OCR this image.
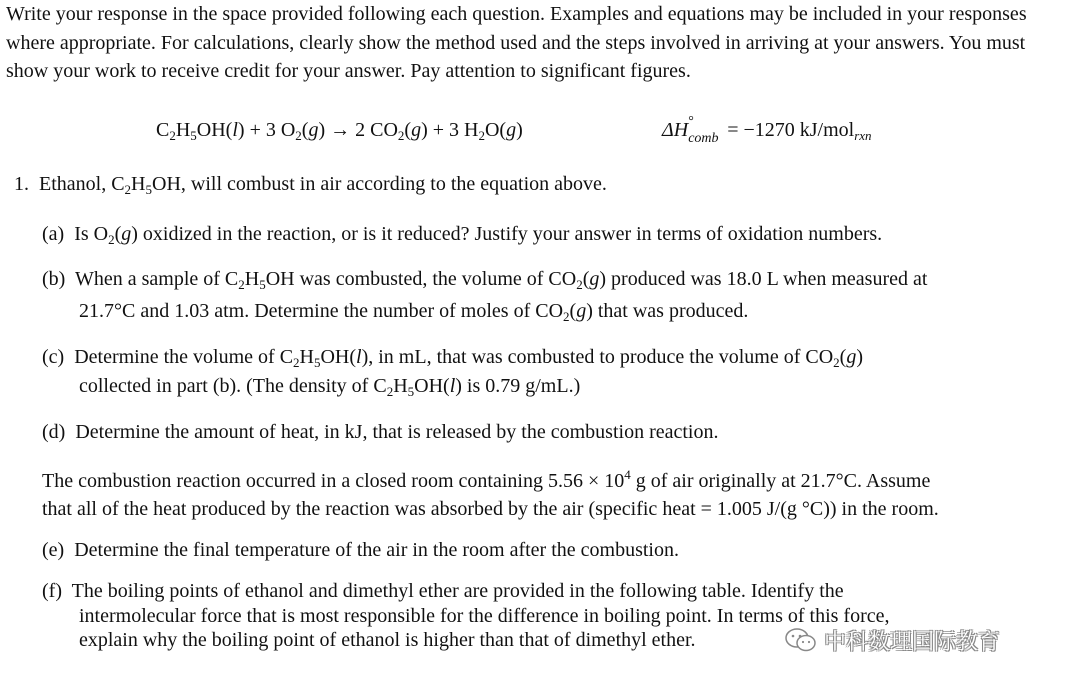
Write your response in the space provided following each question. Examples and equations may be included in your responses where appropriate. For calculations, clearly show the method used and the steps involved in arriving at your answers. You must show your work to receive credit for your answer. Pay attention to significant figures.
$C_2H_5OH(l) + 3$ $O_2(g) \to 2$ $CO_2(g) + 3$ $H_2O(g)$	ΔH °
comb = −1270 kJ/mol$_{rxn}$
1. Ethanol, $C_2H_5OH$, will combust in air according to the equation above.
(a) Is $O_2(g)$ oxidized in the reaction, or is it reduced? Justify your answer in terms of oxidation numbers.
(b) When a sample of $C_2H_5OH$ was combusted, the volume of $CO_2(g)$ produced was 18.0 L when measured at
21.7°C and 1.03 atm. Determine the number of moles of $CO_2(g)$ that was produced.
(c) Determine the volume of $C_2H_5OH(l)$, in mL, that was combusted to produce the volume of $CO_2(g)$
collected in part (b). (The density of $C_2H_5OH(l)$ is 0.79 g/mL.)
(d) Determine the amount of heat, in kJ, that is released by the combustion reaction.
The combustion reaction occurred in a closed room containing $5.56 \times 10^4$ g of air originally at 21.7°C. Assume
that all of the heat produced by the reaction was absorbed by the air (specific heat = 1.005 J/(g °C)) in the room.
(e) Determine the final temperature of the air in the room after the combustion.
(f) The boiling points of ethanol and dimethyl ether are provided in the following table. Identify the
intermolecular force that is most responsible for the difference in boiling point. In terms of this force,
explain why the boiling point of ethanol is higher than that of dimethyl ether.	中科数理国际教育
